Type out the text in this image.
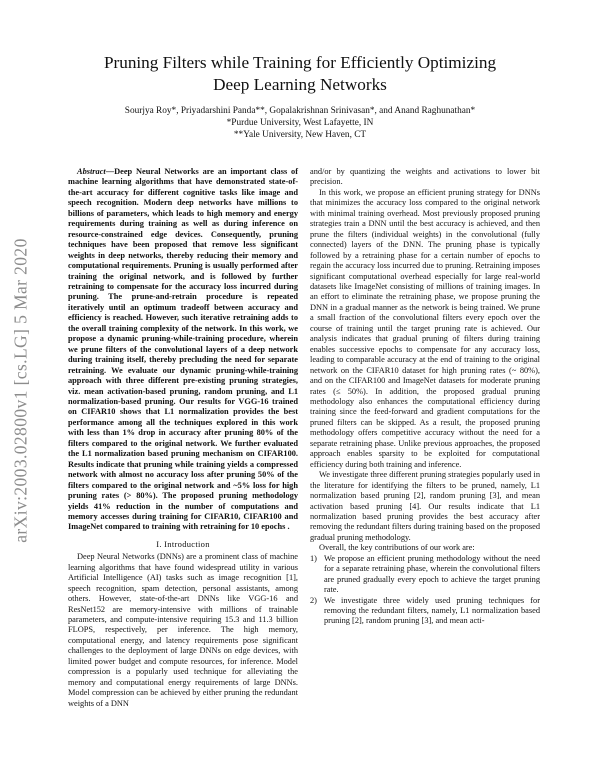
arXiv:2003.02800v1 [cs.LG] 5 Mar 2020
Pruning Filters while Training for Efficiently Optimizing Deep Learning Networks

Sourjya Roy*, Priyadarshini Panda**, Gopalakrishnan Srinivasan*, and Anand Raghunathan*

*Purdue University, West Lafayette, IN

**Yale University, New Haven, CT

Abstract—Deep Neural Networks are an important class of machine learning algorithms that have demonstrated state-of-the-art accuracy for different cognitive tasks like image and speech recognition. Modern deep networks have millions to billions of parameters, which leads to high memory and energy requirements during training as well as during inference on resource-constrained edge devices. Consequently, pruning techniques have been proposed that remove less significant weights in deep networks, thereby reducing their memory and computational requirements. Pruning is usually performed after training the original network, and is followed by further retraining to compensate for the accuracy loss incurred during pruning. The prune-and-retrain procedure is repeated iteratively until an optimum tradeoff between accuracy and efficiency is reached. However, such iterative retraining adds to the overall training complexity of the network. In this work, we propose a dynamic pruning-while-training procedure, wherein we prune filters of the convolutional layers of a deep network during training itself, thereby precluding the need for separate retraining. We evaluate our dynamic pruning-while-training approach with three different pre-existing pruning strategies, viz. mean activation-based pruning, random pruning, and L1 normalization-based pruning. Our results for VGG-16 trained on CIFAR10 shows that L1 normalization provides the best performance among all the techniques explored in this work with less than 1% drop in accuracy after pruning 80% of the filters compared to the original network. We further evaluated the L1 normalization based pruning mechanism on CIFAR100. Results indicate that pruning while training yields a compressed network with almost no accuracy loss after pruning 50% of the filters compared to the original network and ~5% loss for high pruning rates (> 80%). The proposed pruning methodology yields 41% reduction in the number of computations and memory accesses during training for CIFAR10, CIFAR100 and ImageNet compared to training with retraining for 10 epochs .

I. Introduction

Deep Neural Networks (DNNs) are a prominent class of machine learning algorithms that have found widespread utility in various Artificial Intelligence (AI) tasks such as image recognition [1], speech recognition, spam detection, personal assistants, among others. However, state-of-the-art DNNs like VGG-16 and ResNet152 are memory-intensive with millions of trainable parameters, and compute-intensive requiring 15.3 and 11.3 billion FLOPS, respectively, per inference. The high memory, computational energy, and latency requirements pose significant challenges to the deployment of large DNNs on edge devices, with limited power budget and compute resources, for inference. Model compression is a popularly used technique for alleviating the memory and computational energy requirements of large DNNs. Model compression can be achieved by either pruning the redundant weights of a DNN

and/or by quantizing the weights and activations to lower bit precision.

In this work, we propose an efficient pruning strategy for DNNs that minimizes the accuracy loss compared to the original network with minimal training overhead. Most previously proposed pruning strategies train a DNN until the best accuracy is achieved, and then prune the filters (individual weights) in the convolutional (fully connected) layers of the DNN. The pruning phase is typically followed by a retraining phase for a certain number of epochs to regain the accuracy loss incurred due to pruning. Retraining imposes significant computational overhead especially for large real-world datasets like ImageNet consisting of millions of training images. In an effort to eliminate the retraining phase, we propose pruning the DNN in a gradual manner as the network is being trained. We prune a small fraction of the convolutional filters every epoch over the course of training until the target pruning rate is achieved. Our analysis indicates that gradual pruning of filters during training enables successive epochs to compensate for any accuracy loss, leading to comparable accuracy at the end of training to the original network on the CIFAR10 dataset for high pruning rates (~ 80%), and on the CIFAR100 and ImageNet datasets for moderate pruning rates (≤ 50%). In addition, the proposed gradual pruning methodology also enhances the computational efficiency during training since the feed-forward and gradient computations for the pruned filters can be skipped. As a result, the proposed pruning methodology offers competitive accuracy without the need for a separate retraining phase. Unlike previous approaches, the proposed approach enables sparsity to be exploited for computational efficiency during both training and inference.

We investigate three different pruning strategies popularly used in the literature for identifying the filters to be pruned, namely, L1 normalization based pruning [2], random pruning [3], and mean activation based pruning [4]. Our results indicate that L1 normalization based pruning provides the best accuracy after removing the redundant filters during training based on the proposed gradual pruning methodology.

Overall, the key contributions of our work are:

1) We propose an efficient pruning methodology without the need for a separate retraining phase, wherein the convolutional filters are pruned gradually every epoch to achieve the target pruning rate.
2) We investigate three widely used pruning techniques for removing the redundant filters, namely, L1 normalization based pruning [2], random pruning [3], and mean acti-
